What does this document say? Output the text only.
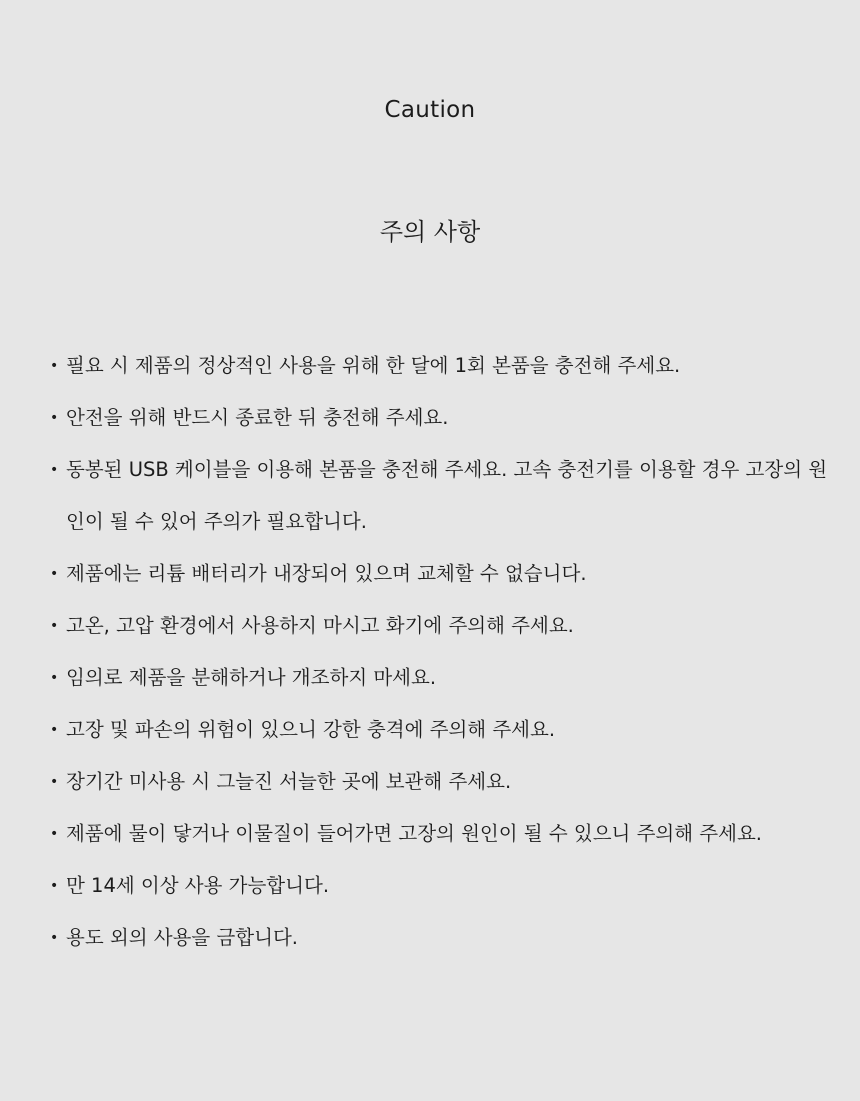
Caution
주의 사항
• 필요 시 제품의 정상적인 사용을 위해 한 달에 1회 본품을 충전해 주세요.
• 안전을 위해 반드시 종료한 뒤 충전해 주세요.
• 동봉된 USB 케이블을 이용해 본품을 충전해 주세요. 고속 충전기를 이용할 경우 고장의 원인이 될 수 있어 주의가 필요합니다.
• 제품에는 리튬 배터리가 내장되어 있으며 교체할 수 없습니다.
• 고온, 고압 환경에서 사용하지 마시고 화기에 주의해 주세요.
• 임의로 제품을 분해하거나 개조하지 마세요.
• 고장 및 파손의 위험이 있으니 강한 충격에 주의해 주세요.
• 장기간 미사용 시 그늘진 서늘한 곳에 보관해 주세요.
• 제품에 물이 닿거나 이물질이 들어가면 고장의 원인이 될 수 있으니 주의해 주세요.
• 만 14세 이상 사용 가능합니다.
• 용도 외의 사용을 금합니다.
